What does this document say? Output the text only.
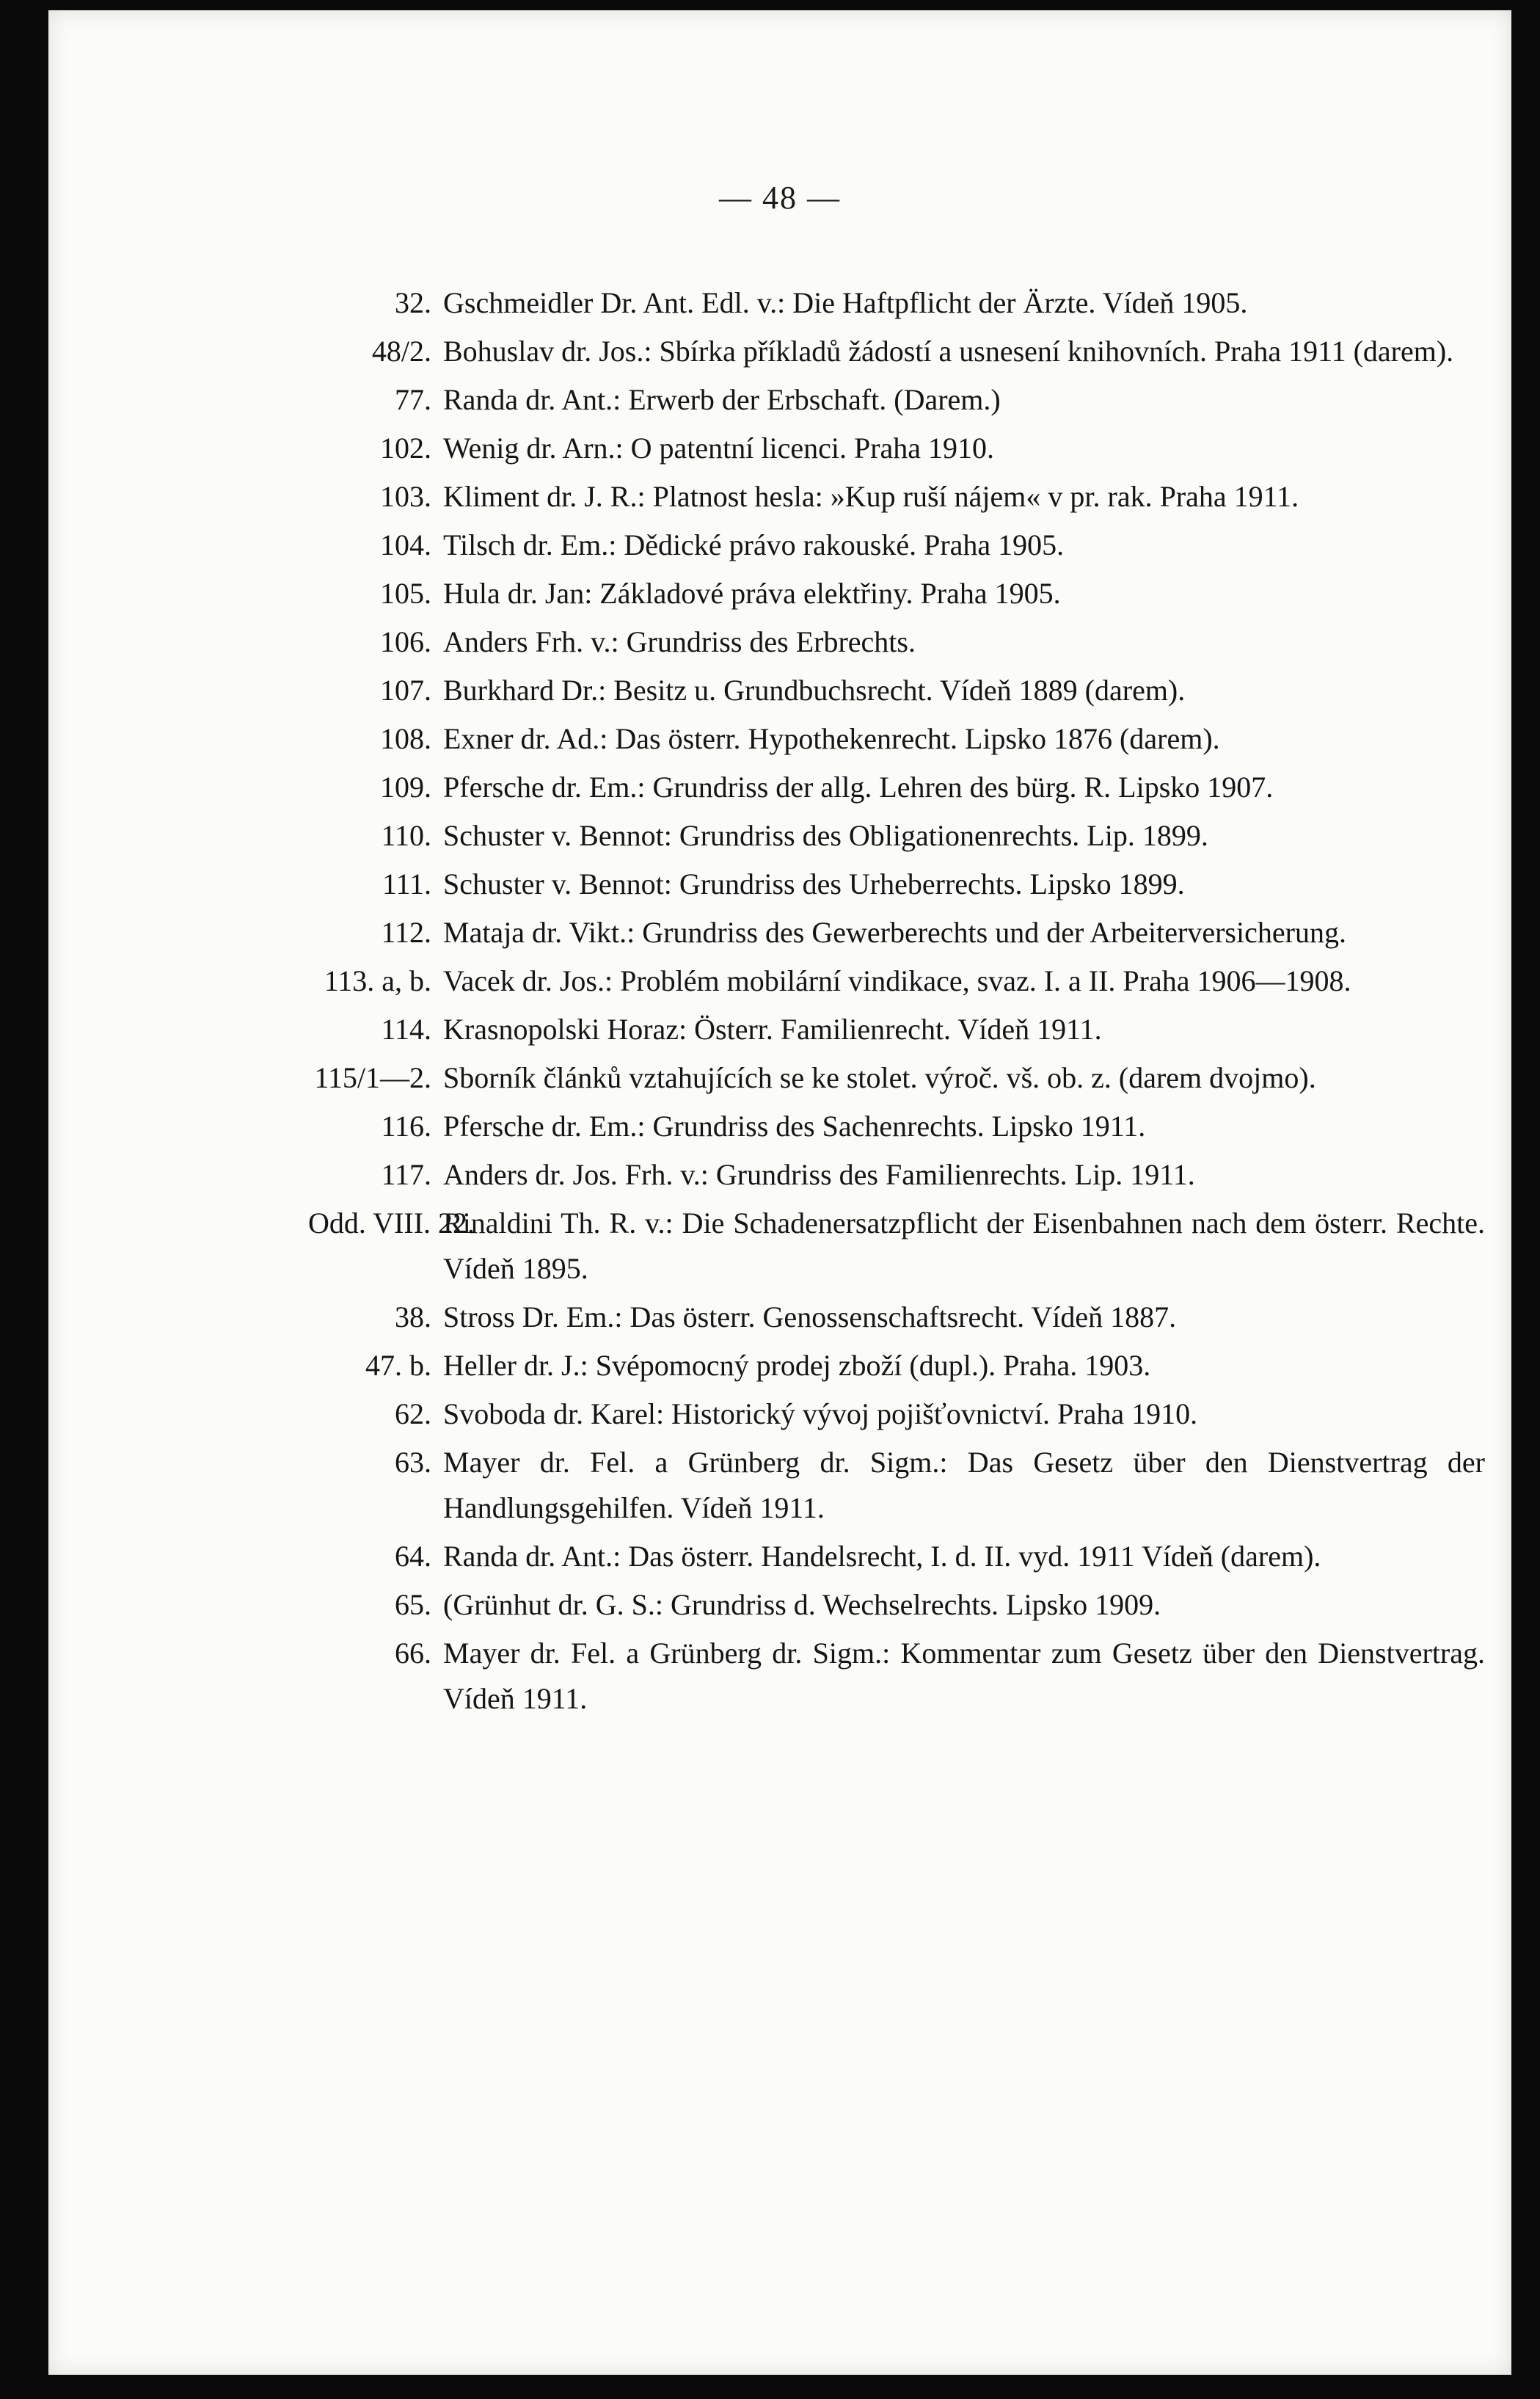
— 48 —
32. Gschmeidler Dr. Ant. Edl. v.: Die Haftpflicht der Ärzte. Vídeň 1905.
48/2. Bohuslav dr. Jos.: Sbírka příkladů žádostí a usnesení knihovních. Praha 1911 (darem).
77. Randa dr. Ant.: Erwerb der Erbschaft. (Darem.)
102. Wenig dr. Arn.: O patentní licenci. Praha 1910.
103. Kliment dr. J. R.: Platnost hesla: »Kup ruší nájem« v pr. rak. Praha 1911.
104. Tilsch dr. Em.: Dědické právo rakouské. Praha 1905.
105. Hula dr. Jan: Základové práva elektřiny. Praha 1905.
106. Anders Frh. v.: Grundriss des Erbrechts.
107. Burkhard Dr.: Besitz u. Grundbuchsrecht. Vídeň 1889 (darem).
108. Exner dr. Ad.: Das österr. Hypothekenrecht. Lipsko 1876 (darem).
109. Pfersche dr. Em.: Grundriss der allg. Lehren des bürg. R. Lipsko 1907.
110. Schuster v. Bennot: Grundriss des Obligationenrechts. Lip. 1899.
111. Schuster v. Bennot: Grundriss des Urheberrechts. Lipsko 1899.
112. Mataja dr. Vikt.: Grundriss des Gewerberechts und der Arbeiterversicherung.
113. a, b. Vacek dr. Jos.: Problém mobilární vindikace, svaz. I. a II. Praha 1906—1908.
114. Krasnopolski Horaz: Österr. Familienrecht. Vídeň 1911.
115/1—2. Sborník článků vztahujících se ke stolet. výroč. vš. ob. z. (darem dvojmo).
116. Pfersche dr. Em.: Grundriss des Sachenrechts. Lipsko 1911.
117. Anders dr. Jos. Frh. v.: Grundriss des Familienrechts. Lip. 1911.
Odd. VIII. 22.
Rinaldini Th. R. v.: Die Schadenersatzpflicht der Eisenbahnen nach dem österr. Rechte. Vídeň 1895.
38. Stross Dr. Em.: Das österr. Genossenschaftsrecht. Vídeň 1887.
47. b. Heller dr. J.: Svépomocný prodej zboží (dupl.). Praha. 1903.
62. Svoboda dr. Karel: Historický vývoj pojišťovnictví. Praha 1910.
63. Mayer dr. Fel. a Grünberg dr. Sigm.: Das Gesetz über den Dienstvertrag der Handlungsgehilfen. Vídeň 1911.
64. Randa dr. Ant.: Das österr. Handelsrecht, I. d. II. vyd. 1911 Vídeň (darem).
65. (Grünhut dr. G. S.: Grundriss d. Wechselrechts. Lipsko 1909.
66. Mayer dr. Fel. a Grünberg dr. Sigm.: Kommentar zum Gesetz über den Dienstvertrag. Vídeň 1911.
